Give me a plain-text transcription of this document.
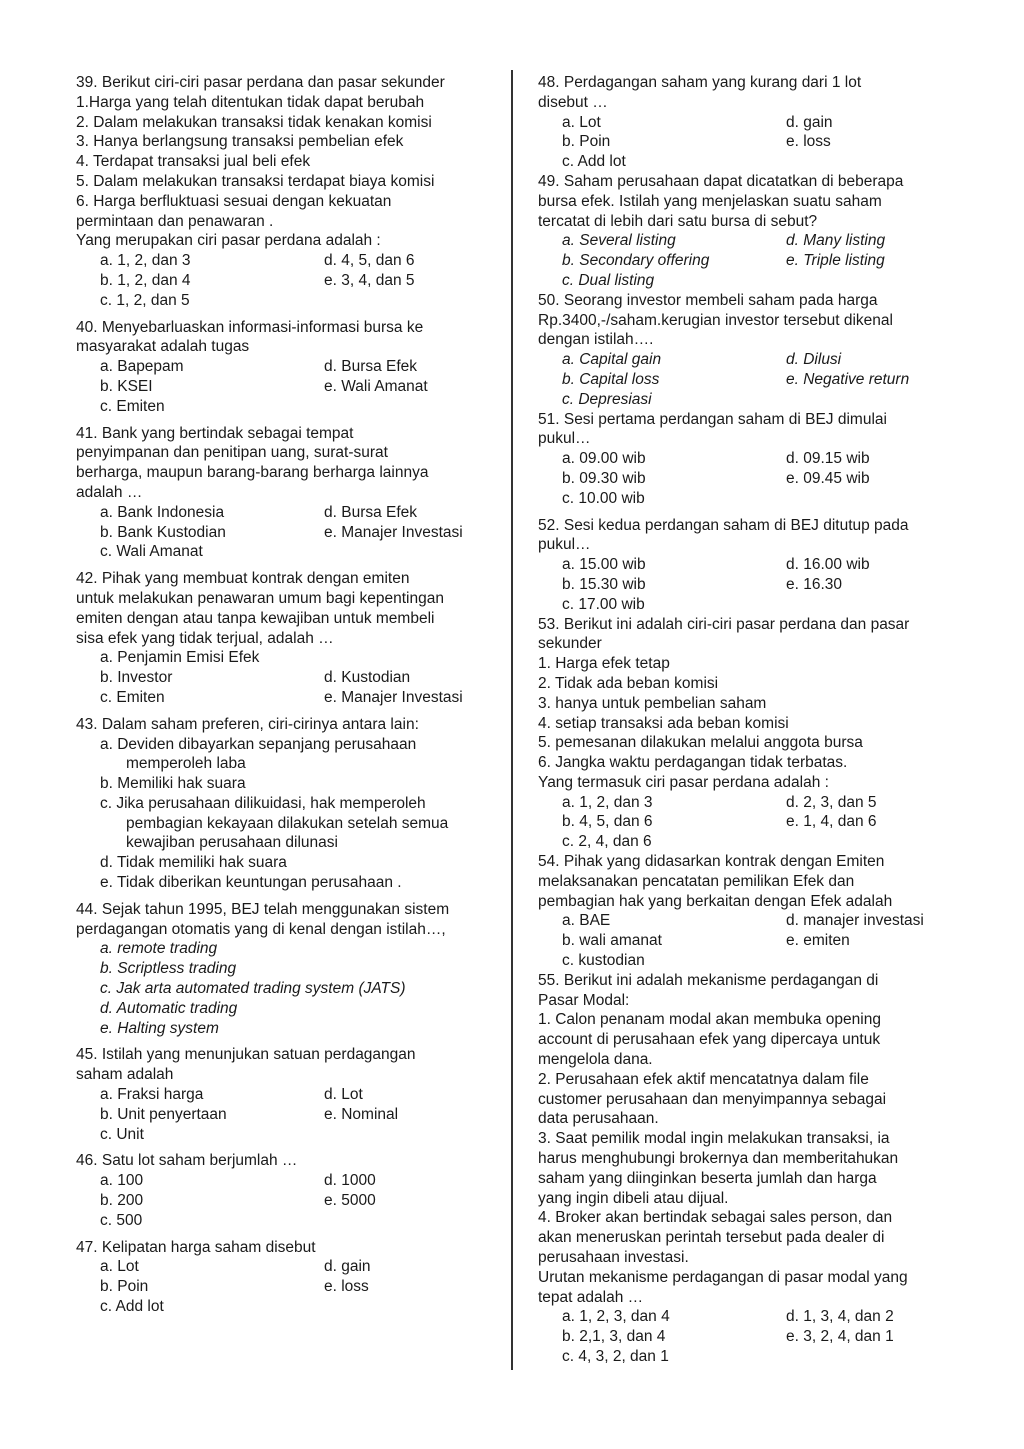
39. Berikut ciri-ciri pasar perdana dan pasar sekunder
1.Harga yang telah ditentukan tidak dapat berubah
2. Dalam melakukan transaksi tidak kenakan komisi
3. Hanya berlangsung transaksi pembelian efek
4. Terdapat transaksi jual beli efek
5. Dalam melakukan transaksi terdapat biaya komisi
6. Harga berfluktuasi sesuai dengan kekuatan
permintaan dan penawaran .
Yang merupakan ciri pasar perdana adalah :
a. 1, 2, dan 3	d. 4, 5, dan 6
b. 1, 2, dan 4	e. 3, 4, dan 5
c. 1, 2, dan 5
40. Menyebarluaskan informasi-informasi bursa ke
masyarakat adalah tugas
a. Bapepam	d. Bursa Efek
b. KSEI	e. Wali Amanat
c. Emiten
41. Bank yang bertindak sebagai tempat
penyimpanan dan penitipan uang, surat-surat
berharga, maupun barang-barang berharga lainnya
adalah …
a. Bank Indonesia	d. Bursa Efek
b. Bank Kustodian	e. Manajer Investasi
c. Wali Amanat
42. Pihak yang membuat kontrak dengan emiten
untuk melakukan penawaran umum bagi kepentingan
emiten dengan atau tanpa kewajiban untuk membeli
sisa efek yang tidak terjual, adalah …
a. Penjamin Emisi Efek
b. Investor	d. Kustodian
c. Emiten	e. Manajer Investasi
43. Dalam saham preferen, ciri-cirinya antara lain:
a. Deviden dibayarkan sepanjang perusahaan
memperoleh laba
b. Memiliki hak suara
c. Jika perusahaan dilikuidasi, hak memperoleh
pembagian kekayaan dilakukan setelah semua
kewajiban perusahaan dilunasi
d. Tidak memiliki hak suara
e. Tidak diberikan keuntungan perusahaan .
44. Sejak tahun 1995, BEJ telah menggunakan sistem
perdagangan otomatis yang di kenal dengan istilah…,
a. remote trading
b. Scriptless trading
c. Jak arta automated trading system (JATS)
d. Automatic trading
e. Halting system
45. Istilah yang menunjukan satuan perdagangan
saham adalah
a. Fraksi harga	d. Lot
b. Unit penyertaan	e. Nominal
c. Unit
46. Satu lot saham berjumlah …
a. 100	d. 1000
b. 200	e. 5000
c. 500
47. Kelipatan harga saham disebut
a. Lot	d. gain
b. Poin	e. loss
c. Add lot
48. Perdagangan saham yang kurang dari 1 lot
disebut …
a. Lot	d. gain
b. Poin	e. loss
c. Add lot
49. Saham perusahaan dapat dicatatkan di beberapa
bursa efek. Istilah yang menjelaskan suatu saham
tercatat di lebih dari satu bursa di sebut?
a. Several listing	d. Many listing
b. Secondary offering	e. Triple listing
c. Dual listing
50. Seorang investor membeli saham pada harga
Rp.3400,-/saham.kerugian investor tersebut dikenal
dengan istilah….
a. Capital gain	d. Dilusi
b. Capital loss	e. Negative return
c. Depresiasi
51. Sesi pertama perdangan saham di BEJ dimulai
pukul…
a. 09.00 wib	d. 09.15 wib
b. 09.30 wib	e. 09.45 wib
c. 10.00 wib
52. Sesi kedua perdangan saham di BEJ ditutup pada
pukul…
a. 15.00 wib	d. 16.00 wib
b. 15.30 wib	e. 16.30
c. 17.00 wib
53. Berikut ini adalah ciri-ciri pasar perdana dan pasar
sekunder
1. Harga efek tetap
2. Tidak ada beban komisi
3. hanya untuk pembelian saham
4. setiap transaksi ada beban komisi
5. pemesanan dilakukan melalui anggota bursa
6. Jangka waktu perdagangan tidak terbatas.
Yang termasuk ciri pasar perdana adalah :
a. 1, 2, dan 3	d. 2, 3, dan 5
b. 4, 5, dan 6	e. 1, 4, dan 6
c. 2, 4, dan 6
54. Pihak yang didasarkan kontrak dengan Emiten
melaksanakan pencatatan pemilikan Efek dan
pembagian hak yang berkaitan dengan Efek adalah
a. BAE	d. manajer investasi
b. wali amanat	e. emiten
c. kustodian
55. Berikut ini adalah mekanisme perdagangan di
Pasar Modal:
1. Calon penanam modal akan membuka opening
account di perusahaan efek yang dipercaya untuk
mengelola dana.
2. Perusahaan efek aktif mencatatnya dalam file
customer perusahaan dan menyimpannya sebagai
data perusahaan.
3. Saat pemilik modal ingin melakukan transaksi, ia
harus menghubungi brokernya dan memberitahukan
saham yang diinginkan beserta jumlah dan harga
yang ingin dibeli atau dijual.
4. Broker akan bertindak sebagai sales person, dan
akan meneruskan perintah tersebut pada dealer di
perusahaan investasi.
Urutan mekanisme perdagangan di pasar modal yang
tepat adalah …
a. 1, 2, 3, dan 4	d. 1, 3, 4, dan 2
b. 2,1, 3, dan 4	e. 3, 2, 4, dan 1
c. 4, 3, 2, dan 1
